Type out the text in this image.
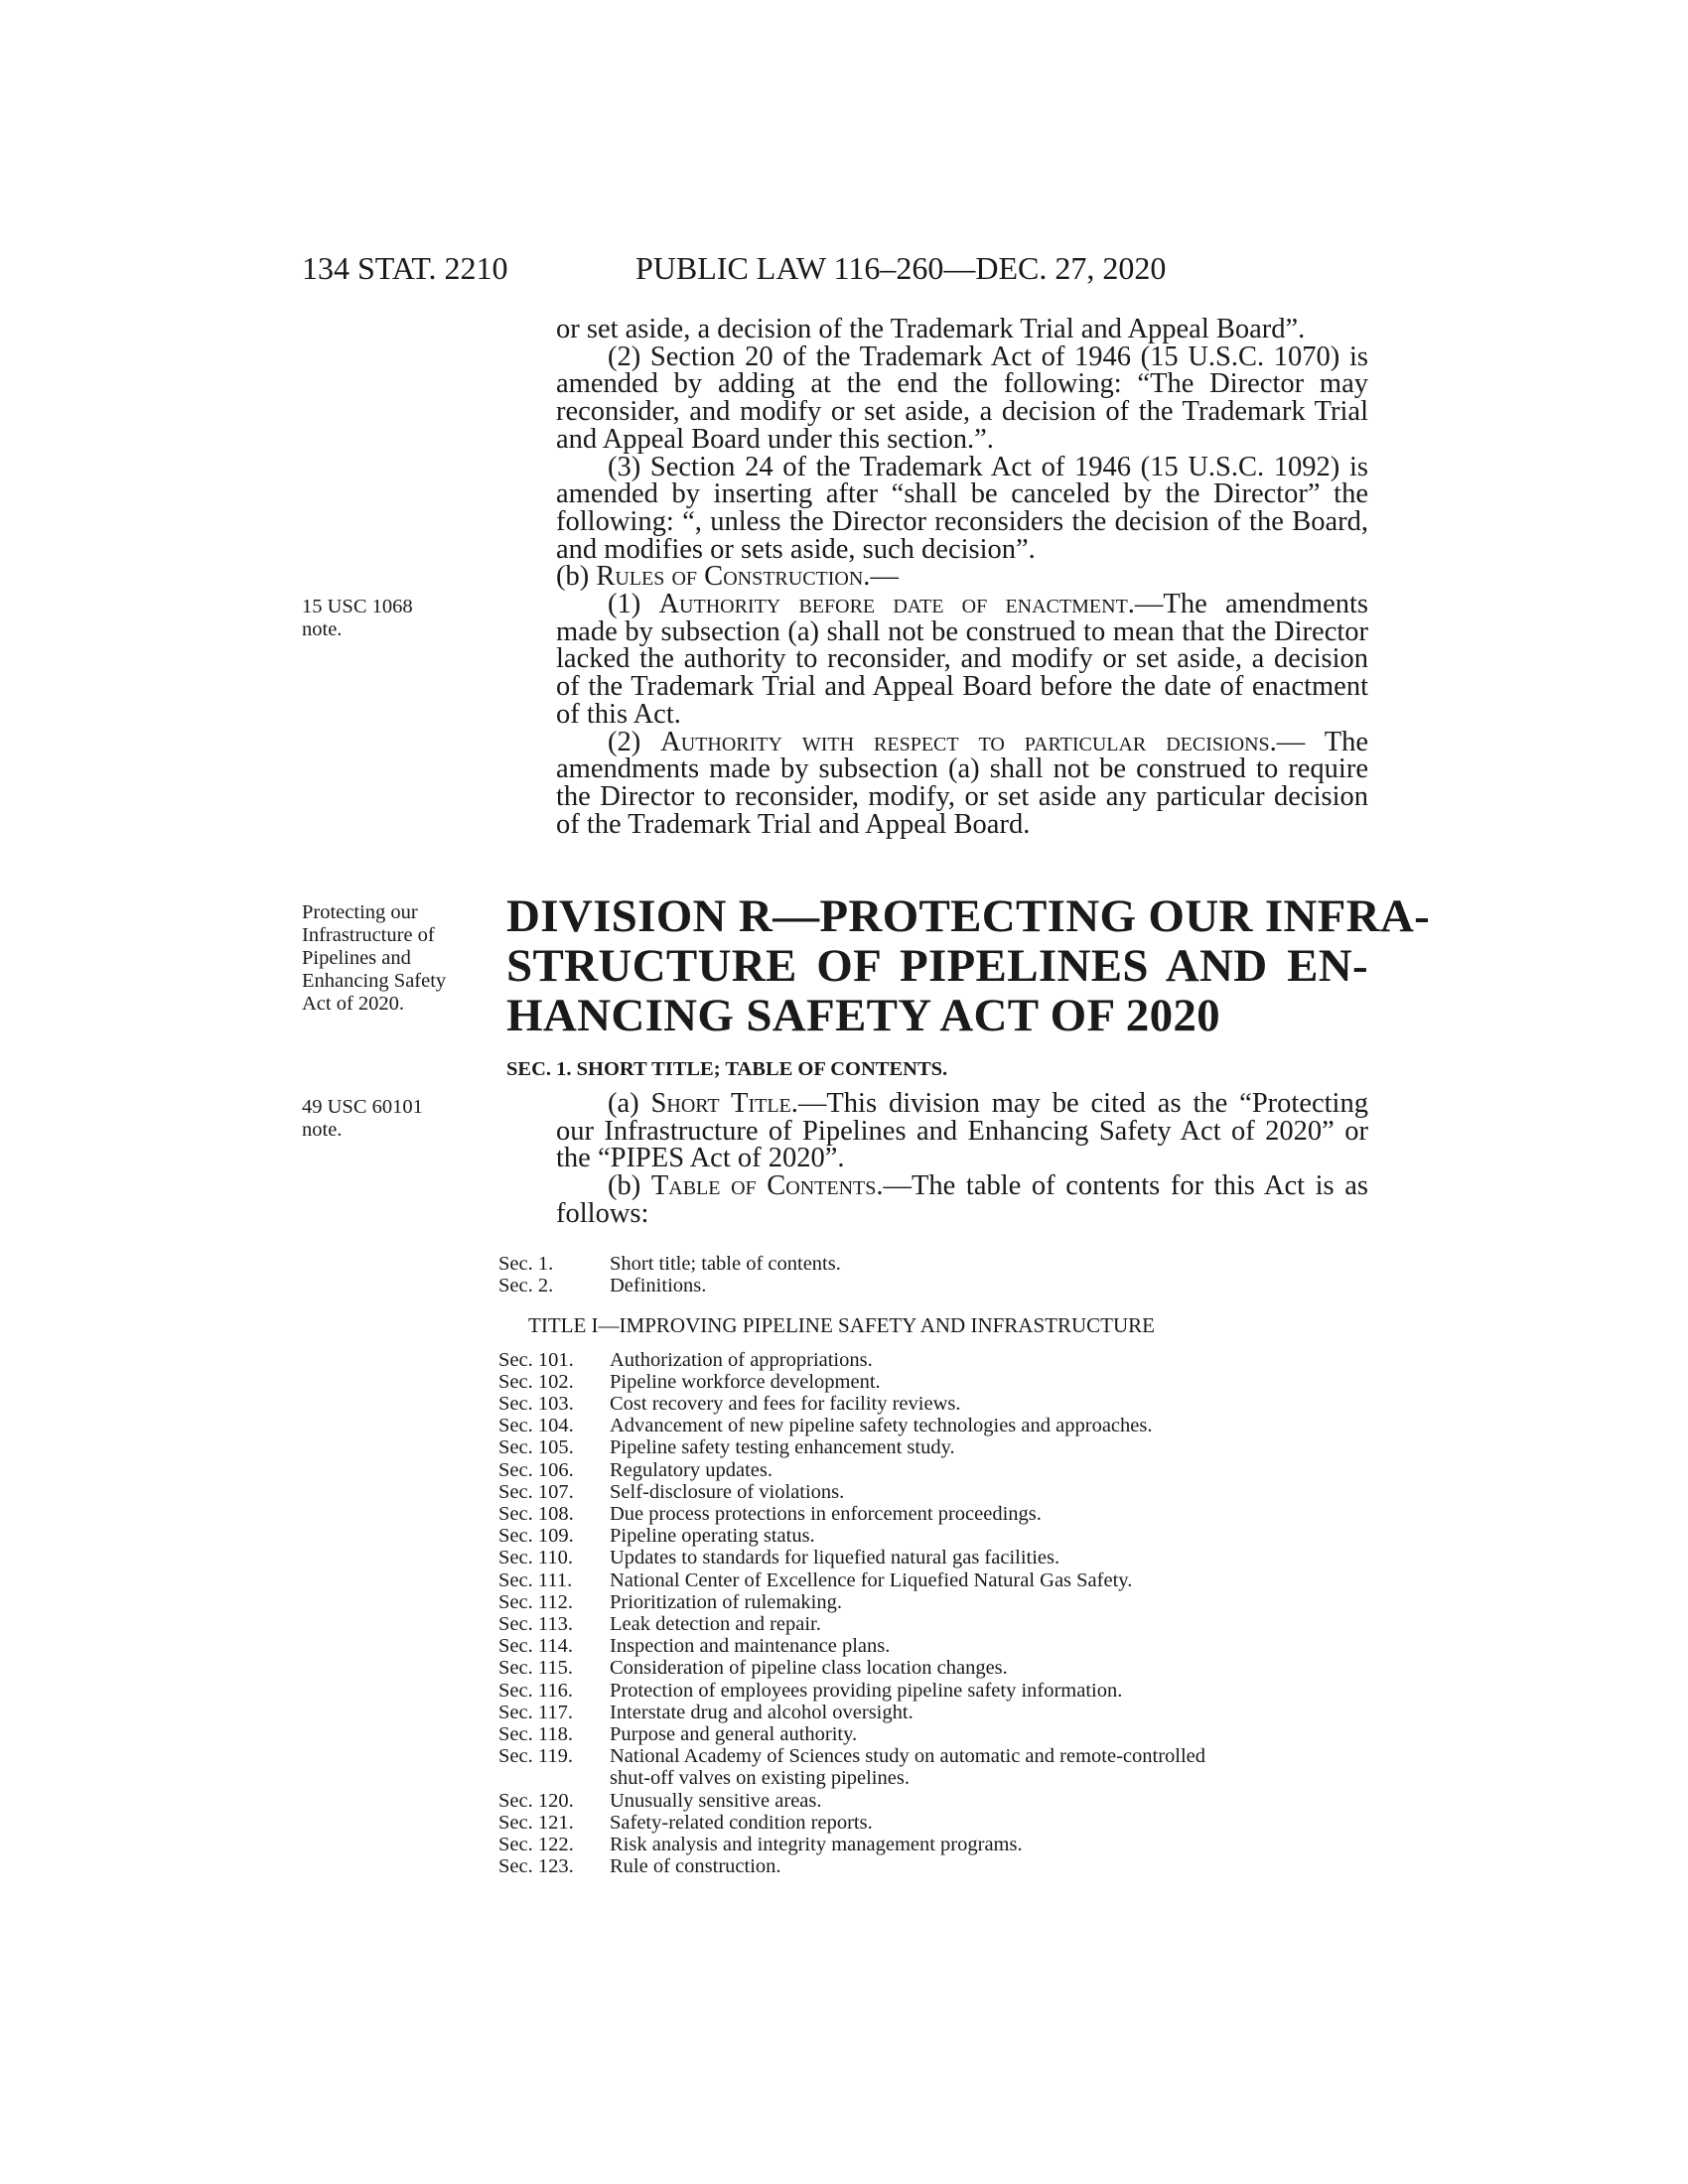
134 STAT. 2210	PUBLIC LAW 116–260—DEC. 27, 2020
15 USC 1068
note.
Protecting our
Infrastructure of
Pipelines and
Enhancing Safety
Act of 2020.
49 USC 60101
note.

or set aside, a decision of the Trademark Trial and Appeal Board”.

(2) Section 20 of the Trademark Act of 1946 (15 U.S.C. 1070) is amended by adding at the end the following: “The Director may reconsider, and modify or set aside, a decision of the Trademark Trial and Appeal Board under this section.”.

(3) Section 24 of the Trademark Act of 1946 (15 U.S.C. 1092) is amended by inserting after “shall be canceled by the Director” the following: “, unless the Director reconsiders the decision of the Board, and modifies or sets aside, such decision”.

(b) Rules of Construction.—

(1) Authority before date of enactment.—The amendments made by subsection (a) shall not be construed to mean that the Director lacked the authority to reconsider, and modify or set aside, a decision of the Trademark Trial and Appeal Board before the date of enactment of this Act.

(2) Authority with respect to particular decisions.— The amendments made by subsection (a) shall not be construed to require the Director to reconsider, modify, or set aside any particular decision of the Trademark Trial and Appeal Board.

DIVISION R—PROTECTING OUR INFRA-
STRUCTURE OF PIPELINES AND EN-
HANCING SAFETY ACT OF 2020
SEC. 1. SHORT TITLE; TABLE OF CONTENTS.

(a) Short Title.—This division may be cited as the “Protecting our Infrastructure of Pipelines and Enhancing Safety Act of 2020” or the “PIPES Act of 2020”.

(b) Table of Contents.—The table of contents for this Act is as follows:

Sec. 1.	Short title; table of contents.
Sec. 2.	Definitions.
TITLE I—IMPROVING PIPELINE SAFETY AND INFRASTRUCTURE
Sec. 101.	Authorization of appropriations.
Sec. 102.	Pipeline workforce development.
Sec. 103.	Cost recovery and fees for facility reviews.
Sec. 104.	Advancement of new pipeline safety technologies and approaches.
Sec. 105.	Pipeline safety testing enhancement study.
Sec. 106.	Regulatory updates.
Sec. 107.	Self-disclosure of violations.
Sec. 108.	Due process protections in enforcement proceedings.
Sec. 109.	Pipeline operating status.
Sec. 110.	Updates to standards for liquefied natural gas facilities.
Sec. 111.	National Center of Excellence for Liquefied Natural Gas Safety.
Sec. 112.	Prioritization of rulemaking.
Sec. 113.	Leak detection and repair.
Sec. 114.	Inspection and maintenance plans.
Sec. 115.	Consideration of pipeline class location changes.
Sec. 116.	Protection of employees providing pipeline safety information.
Sec. 117.	Interstate drug and alcohol oversight.
Sec. 118.	Purpose and general authority.
Sec. 119.	National Academy of Sciences study on automatic and remote-controlled
shut-off valves on existing pipelines.
Sec. 120.	Unusually sensitive areas.
Sec. 121.	Safety-related condition reports.
Sec. 122.	Risk analysis and integrity management programs.
Sec. 123.	Rule of construction.
